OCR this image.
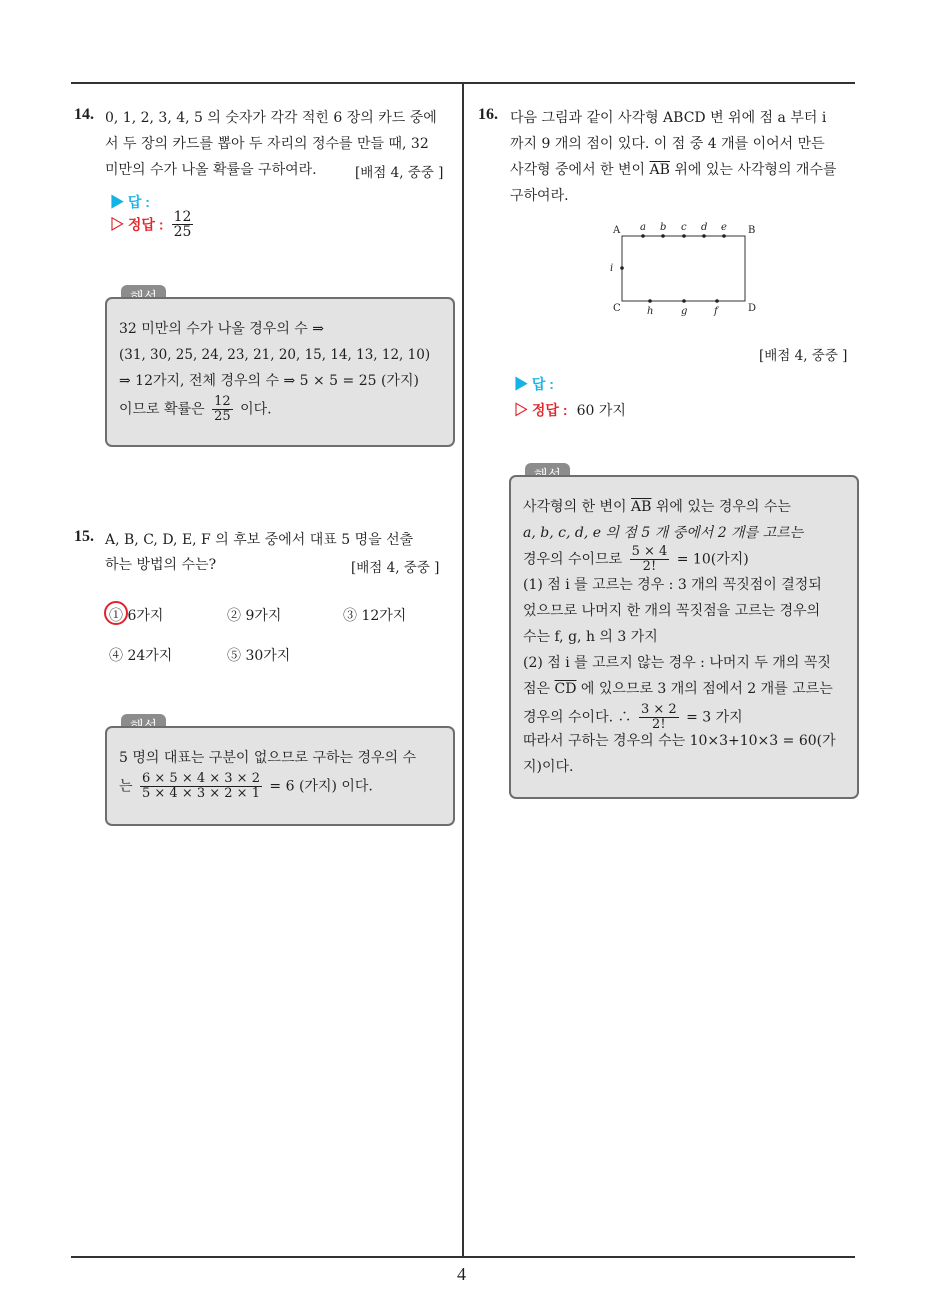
4
14. 0, 1, 2, 3, 4, 5 의 숫자가 각각 적힌 6 장의 카드 중에
서 두 장의 카드를 뽑아 두 자리의 정수를 만들 때, 32
미만의 수가 나올 확률을 구하여라.	[배점 4, 중중 ]
▶ 답 :
▷ 정답 : $\frac{12}{25}$
32 미만의 수가 나올 경우의 수 ⇒
(31, 30, 25, 24, 23, 21, 20, 15, 14, 13, 12, 10)
⇒ 12가지, 전체 경우의 수 ⇒ 5 × 5 = 25 (가지)
이므로 확률은 $\frac{12}{25}$ 이다.
15. A, B, C, D, E, F 의 후보 중에서 대표 5 명을 선출
하는 방법의 수는?	[배점 4, 중중 ]
① 6가지	② 9가지	③ 12가지
④ 24가지	⑤ 30가지
5 명의 대표는 구분이 없으므로 구하는 경우의 수
는 $\frac{6 \times 5 \times 4 \times 3 \times 2}{5 \times 4 \times 3 \times 2 \times 1} = 6$ (가지) 이다.
16. 다음 그림과 같이 사각형 ABCD 변 위에 점 a 부터 i
까지 9 개의 점이 있다. 이 점 중 4 개를 이어서 만든
사각형 중에서 한 변이 $\overline{AB}$ 위에 있는 사각형의 개수를
구하여라.
A	B
C	D
a b c d e
i
h	g	f
[배점 4, 중중 ]
▶ 답 :
▷ 정답 : 60 가지
사각형의 한 변이 $\overline{AB}$ 위에 있는 경우의 수는
a, b, c, d, e 의 점 5 개 중에서 2 개를 고르는
경우의 수이므로 $\frac{5 \times 4}{2!} = 10$(가지)
(1) 점 i 를 고르는 경우 : 3 개의 꼭짓점이 결정되
었으므로 나머지 한 개의 꼭짓점을 고르는 경우의
수는 f, g, h 의 3 가지
(2) 점 i 를 고르지 않는 경우 : 나머지 두 개의 꼭짓
점은 $\overline{CD}$ 에 있으므로 3 개의 점에서 2 개를 고르는
경우의 수이다. ∴ $\frac{3 \times 2}{2!} = 3$ 가지
따라서 구하는 경우의 수는 10×3+10×3 = 60(가
지)이다.
